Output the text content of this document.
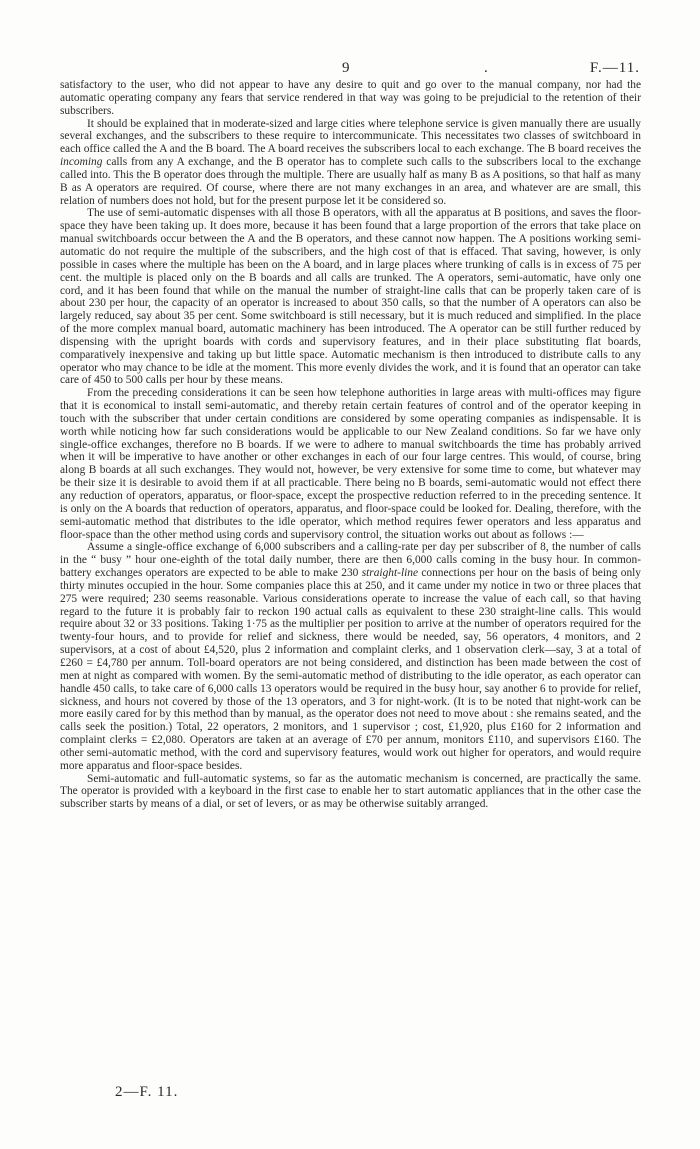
9	.	F.—11.

satisfactory to the user, who did not appear to have any desire to quit and go over to the manual company, nor had the automatic operating company any fears that service rendered in that way was going to be prejudicial to the retention of their subscribers.

It should be explained that in moderate-sized and large cities where telephone service is given manually there are usually several exchanges, and the subscribers to these require to intercommunicate. This necessitates two classes of switchboard in each office called the A and the B board. The A board receives the subscribers local to each exchange. The B board receives the incoming calls from any A exchange, and the B operator has to complete such calls to the subscribers local to the exchange called into. This the B operator does through the multiple. There are usually half as many B as A positions, so that half as many B as A operators are required. Of course, where there are not many exchanges in an area, and whatever are are small, this relation of numbers does not hold, but for the present purpose let it be considered so.

The use of semi-automatic dispenses with all those B operators, with all the apparatus at B positions, and saves the floor-space they have been taking up. It does more, because it has been found that a large proportion of the errors that take place on manual switchboards occur between the A and the B operators, and these cannot now happen. The A positions working semi-automatic do not require the multiple of the subscribers, and the high cost of that is effaced. That saving, however, is only possible in cases where the multiple has been on the A board, and in large places where trunking of calls is in excess of 75 per cent. the multiple is placed only on the B boards and all calls are trunked. The A operators, semi-automatic, have only one cord, and it has been found that while on the manual the number of straight-line calls that can be properly taken care of is about 230 per hour, the capacity of an operator is increased to about 350 calls, so that the number of A operators can also be largely reduced, say about 35 per cent. Some switchboard is still necessary, but it is much reduced and simplified. In the place of the more complex manual board, automatic machinery has been introduced. The A operator can be still further reduced by dispensing with the upright boards with cords and supervisory features, and in their place substituting flat boards, comparatively inexpensive and taking up but little space. Automatic mechanism is then introduced to distribute calls to any operator who may chance to be idle at the moment. This more evenly divides the work, and it is found that an operator can take care of 450 to 500 calls per hour by these means.

From the preceding considerations it can be seen how telephone authorities in large areas with multi-offices may figure that it is economical to install semi-automatic, and thereby retain certain features of control and of the operator keeping in touch with the subscriber that under certain conditions are considered by some operating companies as indispensable. It is worth while noticing how far such considerations would be applicable to our New Zealand conditions. So far we have only single-office exchanges, therefore no B boards. If we were to adhere to manual switchboards the time has probably arrived when it will be imperative to have another or other exchanges in each of our four large centres. This would, of course, bring along B boards at all such exchanges. They would not, however, be very extensive for some time to come, but whatever may be their size it is desirable to avoid them if at all practicable. There being no B boards, semi-automatic would not effect there any reduction of operators, apparatus, or floor-space, except the prospective reduction referred to in the preceding sentence. It is only on the A boards that reduction of operators, apparatus, and floor-space could be looked for. Dealing, therefore, with the semi-automatic method that distributes to the idle operator, which method requires fewer operators and less apparatus and floor-space than the other method using cords and supervisory control, the situation works out about as follows :—

Assume a single-office exchange of 6,000 subscribers and a calling-rate per day per subscriber of 8, the number of calls in the “ busy ” hour one-eighth of the total daily number, there are then 6,000 calls coming in the busy hour. In common-battery exchanges operators are expected to be able to make 230 straight-line connections per hour on the basis of being only thirty minutes occupied in the hour. Some companies place this at 250, and it came under my notice in two or three places that 275 were required; 230 seems reasonable. Various considerations operate to increase the value of each call, so that having regard to the future it is probably fair to reckon 190 actual calls as equivalent to these 230 straight-line calls. This would require about 32 or 33 positions. Taking 1·75 as the multiplier per position to arrive at the number of operators required for the twenty-four hours, and to provide for relief and sickness, there would be needed, say, 56 operators, 4 monitors, and 2 supervisors, at a cost of about £4,520, plus 2 information and complaint clerks, and 1 observation clerk—say, 3 at a total of £260 = £4,780 per annum. Toll-board operators are not being considered, and distinction has been made between the cost of men at night as compared with women. By the semi-automatic method of distributing to the idle operator, as each operator can handle 450 calls, to take care of 6,000 calls 13 operators would be required in the busy hour, say another 6 to provide for relief, sickness, and hours not covered by those of the 13 operators, and 3 for night-work. (It is to be noted that night-work can be more easily cared for by this method than by manual, as the operator does not need to move about : she remains seated, and the calls seek the position.) Total, 22 operators, 2 monitors, and 1 supervisor ; cost, £1,920, plus £160 for 2 information and complaint clerks = £2,080. Operators are taken at an average of £70 per annum, monitors £110, and supervisors £160. The other semi-automatic method, with the cord and supervisory features, would work out higher for operators, and would require more apparatus and floor-space besides.

Semi-automatic and full-automatic systems, so far as the automatic mechanism is concerned, are practically the same. The operator is provided with a keyboard in the first case to enable her to start automatic appliances that in the other case the subscriber starts by means of a dial, or set of levers, or as may be otherwise suitably arranged.

2—F. 11.
